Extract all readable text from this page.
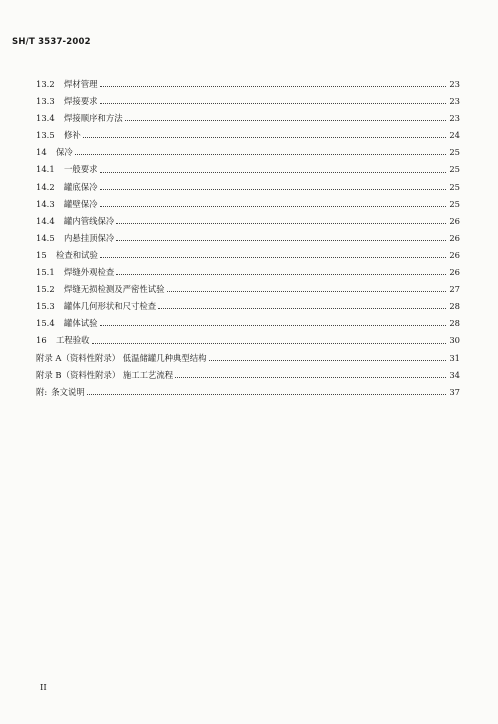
SH/T 3537-2002
13.2	焊材管理	23
13.3	焊接要求	23
13.4	焊接顺序和方法	23
13.5	修补	24
14	保冷	25
14.1	一般要求	25
14.2	罐底保冷	25
14.3	罐壁保冷	25
14.4	罐内管线保冷	26
14.5	内悬挂顶保冷	26
15	检查和试验	26
15.1	焊缝外观检查	26
15.2	焊缝无损检测及严密性试验	27
15.3	罐体几何形状和尺寸检查	28
15.4	罐体试验	28
16	工程验收	30
附录 A （资料性附录） 低温储罐几种典型结构	31
附录 B （资料性附录） 施工工艺流程	34
附: 条文说明	37
II
